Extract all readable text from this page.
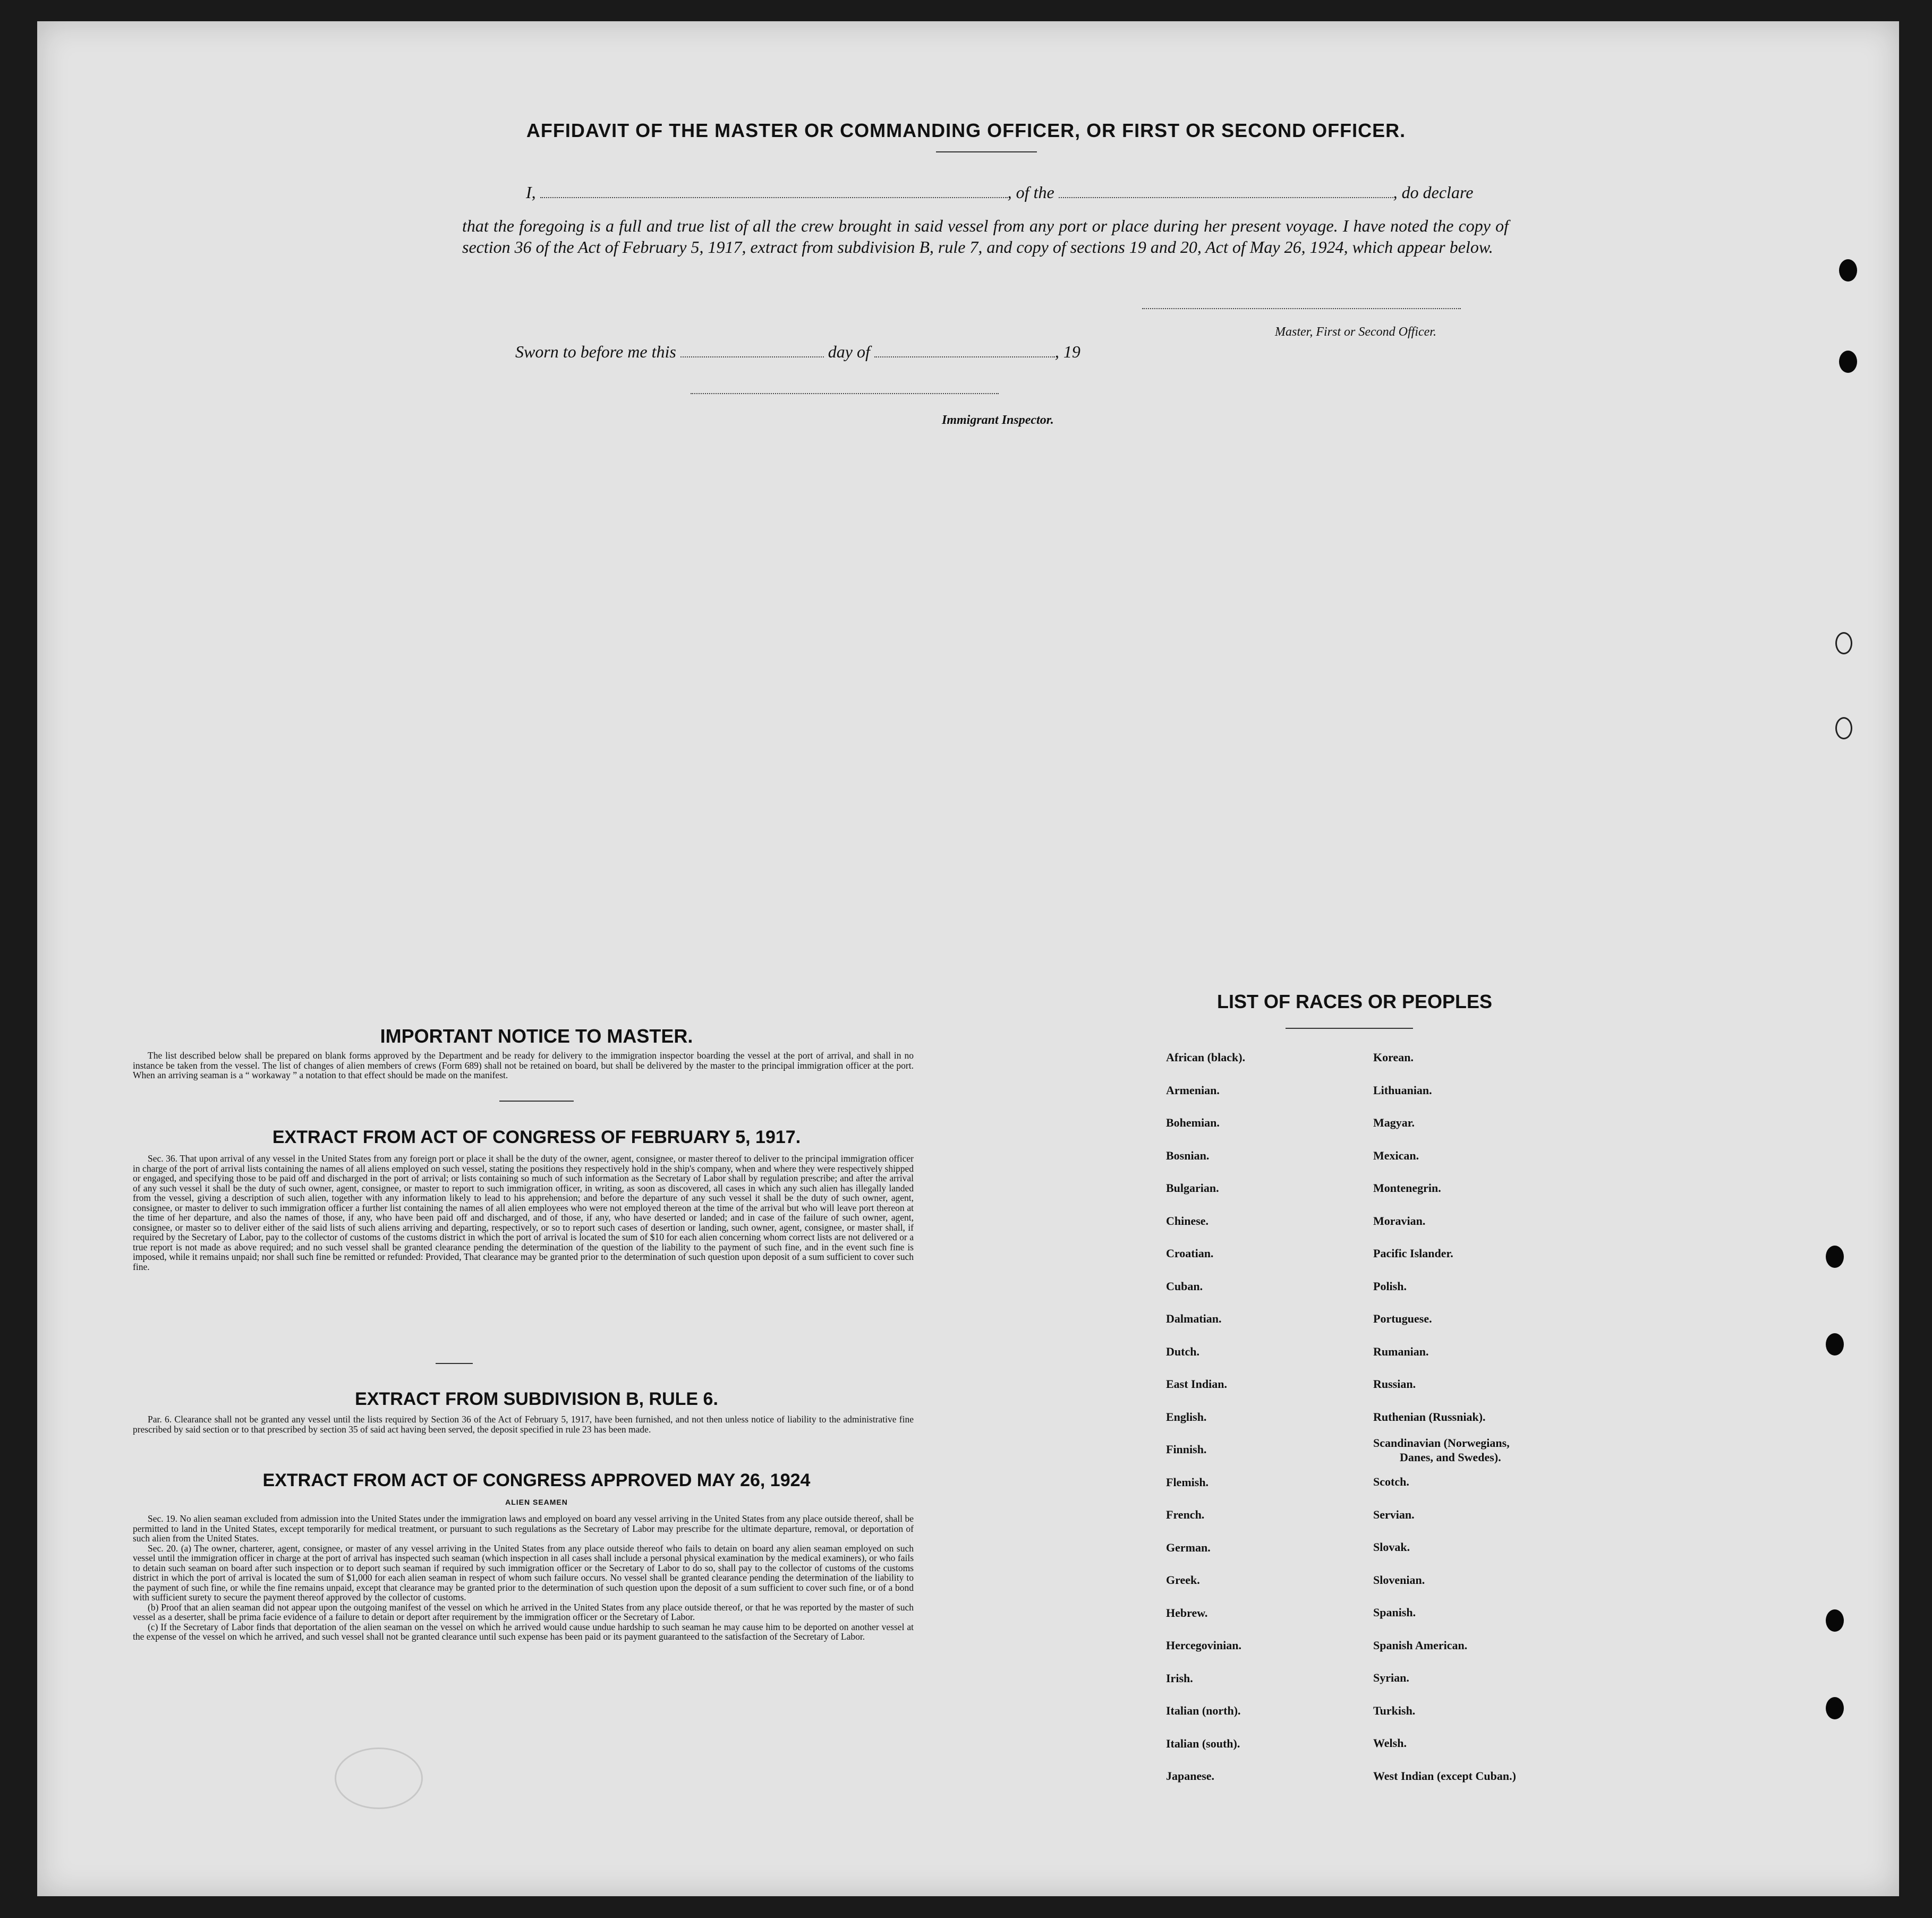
AFFIDAVIT OF THE MASTER OR COMMANDING OFFICER, OR FIRST OR SECOND OFFICER.
I,	, of the	, do declare
that the foregoing is a full and true list of all the crew brought in said vessel from any port or place during her present voyage. I have noted the copy of section 36 of the Act of February 5, 1917, extract from subdivision B, rule 7, and copy of sections 19 and 20, Act of May 26, 1924, which appear below.
Master, First or Second Officer.
Sworn to before me this	day of	, 19
Immigrant Inspector.
IMPORTANT NOTICE TO MASTER.

The list described below shall be prepared on blank forms approved by the Department and be ready for delivery to the immigration inspector boarding the vessel at the port of arrival, and shall in no instance be taken from the vessel. The list of changes of alien members of crews (Form 689) shall not be retained on board, but shall be delivered by the master to the principal immigration officer at the port. When an arriving seaman is a “ workaway ” a notation to that effect should be made on the manifest.

EXTRACT FROM ACT OF CONGRESS OF FEBRUARY 5, 1917.

Sec. 36. That upon arrival of any vessel in the United States from any foreign port or place it shall be the duty of the owner, agent, consignee, or master thereof to deliver to the principal immigration officer in charge of the port of arrival lists containing the names of all aliens employed on such vessel, stating the positions they respectively hold in the ship's company, when and where they were respectively shipped or engaged, and specifying those to be paid off and discharged in the port of arrival; or lists containing so much of such information as the Secretary of Labor shall by regulation prescribe; and after the arrival of any such vessel it shall be the duty of such owner, agent, consignee, or master to report to such immigration officer, in writing, as soon as discovered, all cases in which any such alien has illegally landed from the vessel, giving a description of such alien, together with any information likely to lead to his apprehension; and before the departure of any such vessel it shall be the duty of such owner, agent, consignee, or master to deliver to such immigration officer a further list containing the names of all alien employees who were not employed thereon at the time of the arrival but who will leave port thereon at the time of her departure, and also the names of those, if any, who have been paid off and discharged, and of those, if any, who have deserted or landed; and in case of the failure of such owner, agent, consignee, or master so to deliver either of the said lists of such aliens arriving and departing, respectively, or so to report such cases of desertion or landing, such owner, agent, consignee, or master shall, if required by the Secretary of Labor, pay to the collector of customs of the customs district in which the port of arrival is located the sum of $10 for each alien concerning whom correct lists are not delivered or a true report is not made as above required; and no such vessel shall be granted clearance pending the determination of the question of the liability to the payment of such fine, and in the event such fine is imposed, while it remains unpaid; nor shall such fine be remitted or refunded: Provided, That clearance may be granted prior to the determination of such question upon deposit of a sum sufficient to cover such fine.

EXTRACT FROM SUBDIVISION B, RULE 6.

Par. 6. Clearance shall not be granted any vessel until the lists required by Section 36 of the Act of February 5, 1917, have been furnished, and not then unless notice of liability to the administrative fine prescribed by said section or to that prescribed by section 35 of said act having been served, the deposit specified in rule 23 has been made.

EXTRACT FROM ACT OF CONGRESS APPROVED MAY 26, 1924
ALIEN SEAMEN

Sec. 19. No alien seaman excluded from admission into the United States under the immigration laws and employed on board any vessel arriving in the United States from any place outside thereof, shall be permitted to land in the United States, except temporarily for medical treatment, or pursuant to such regulations as the Secretary of Labor may prescribe for the ultimate departure, removal, or deportation of such alien from the United States.

Sec. 20. (a) The owner, charterer, agent, consignee, or master of any vessel arriving in the United States from any place outside thereof who fails to detain on board any alien seaman employed on such vessel until the immigration officer in charge at the port of arrival has inspected such seaman (which inspection in all cases shall include a personal physical examination by the medical examiners), or who fails to detain such seaman on board after such inspection or to deport such seaman if required by such immigration officer or the Secretary of Labor to do so, shall pay to the collector of customs of the customs district in which the port of arrival is located the sum of $1,000 for each alien seaman in respect of whom such failure occurs. No vessel shall be granted clearance pending the determination of the liability to the payment of such fine, or while the fine remains unpaid, except that clearance may be granted prior to the determination of such question upon the deposit of a sum sufficient to cover such fine, or of a bond with sufficient surety to secure the payment thereof approved by the collector of customs.

(b) Proof that an alien seaman did not appear upon the outgoing manifest of the vessel on which he arrived in the United States from any place outside thereof, or that he was reported by the master of such vessel as a deserter, shall be prima facie evidence of a failure to detain or deport after requirement by the immigration officer or the Secretary of Labor.

(c) If the Secretary of Labor finds that deportation of the alien seaman on the vessel on which he arrived would cause undue hardship to such seaman he may cause him to be deported on another vessel at the expense of the vessel on which he arrived, and such vessel shall not be granted clearance until such expense has been paid or its payment guaranteed to the satisfaction of the Secretary of Labor.

LIST OF RACES OR PEOPLES
African (black).
Armenian.
Bohemian.
Bosnian.
Bulgarian.
Chinese.
Croatian.
Cuban.
Dalmatian.
Dutch.
East Indian.
English.
Finnish.
Flemish.
French.
German.
Greek.
Hebrew.
Hercegovinian.
Irish.
Italian (north).
Italian (south).
Japanese.
Korean.
Lithuanian.
Magyar.
Mexican.
Montenegrin.
Moravian.
Pacific Islander.
Polish.
Portuguese.
Rumanian.
Russian.
Ruthenian (Russniak).
Scandinavian (Norwegians,
Danes, and Swedes).
Scotch.
Servian.
Slovak.
Slovenian.
Spanish.
Spanish American.
Syrian.
Turkish.
Welsh.
West Indian (except Cuban.)
